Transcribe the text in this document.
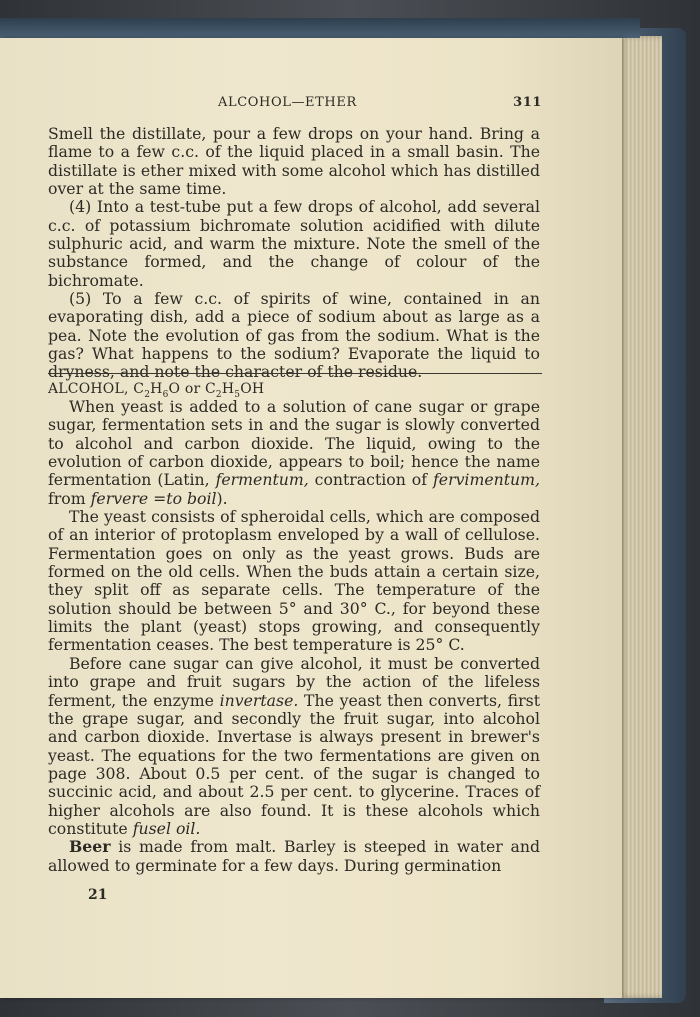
ALCOHOL—ETHER	311

Smell the distillate, pour a few drops on your hand. Bring a flame to a few c.c. of the liquid placed in a small basin. The distillate is ether mixed with some alcohol which has distilled over at the same time.

(4) Into a test-tube put a few drops of alcohol, add several c.c. of potassium bichromate solution acidified with dilute sulphuric acid, and warm the mixture. Note the smell of the substance formed, and the change of colour of the bichromate.

(5) To a few c.c. of spirits of wine, contained in an evaporating dish, add a piece of sodium about as large as a pea. Note the evolution of gas from the sodium. What is the gas? What happens to the sodium? Evaporate the liquid to dryness, and note the character of the residue.

ALCOHOL, $C_2H_6O$ or $C_2H_5OH$

When yeast is added to a solution of cane sugar or grape sugar, fermentation sets in and the sugar is slowly converted to alcohol and carbon dioxide. The liquid, owing to the evolution of carbon dioxide, appears to boil; hence the name fermentation (Latin, fermentum, contraction of fervimentum, from fervere =to boil).

The yeast consists of spheroidal cells, which are composed of an interior of protoplasm enveloped by a wall of cellulose. Fermentation goes on only as the yeast grows. Buds are formed on the old cells. When the buds attain a certain size, they split off as separate cells. The temperature of the solution should be between 5° and 30° C., for beyond these limits the plant (yeast) stops growing, and consequently fermentation ceases. The best temperature is 25° C.

Before cane sugar can give alcohol, it must be converted into grape and fruit sugars by the action of the lifeless ferment, the enzyme invertase. The yeast then converts, first the grape sugar, and secondly the fruit sugar, into alcohol and carbon dioxide. Invertase is always present in brewer's yeast. The equations for the two fermentations are given on page 308. About 0.5 per cent. of the sugar is changed to succinic acid, and about 2.5 per cent. to glycerine. Traces of higher alcohols are also found. It is these alcohols which constitute fusel oil.

Beer is made from malt. Barley is steeped in water and allowed to germinate for a few days. During germination

21
